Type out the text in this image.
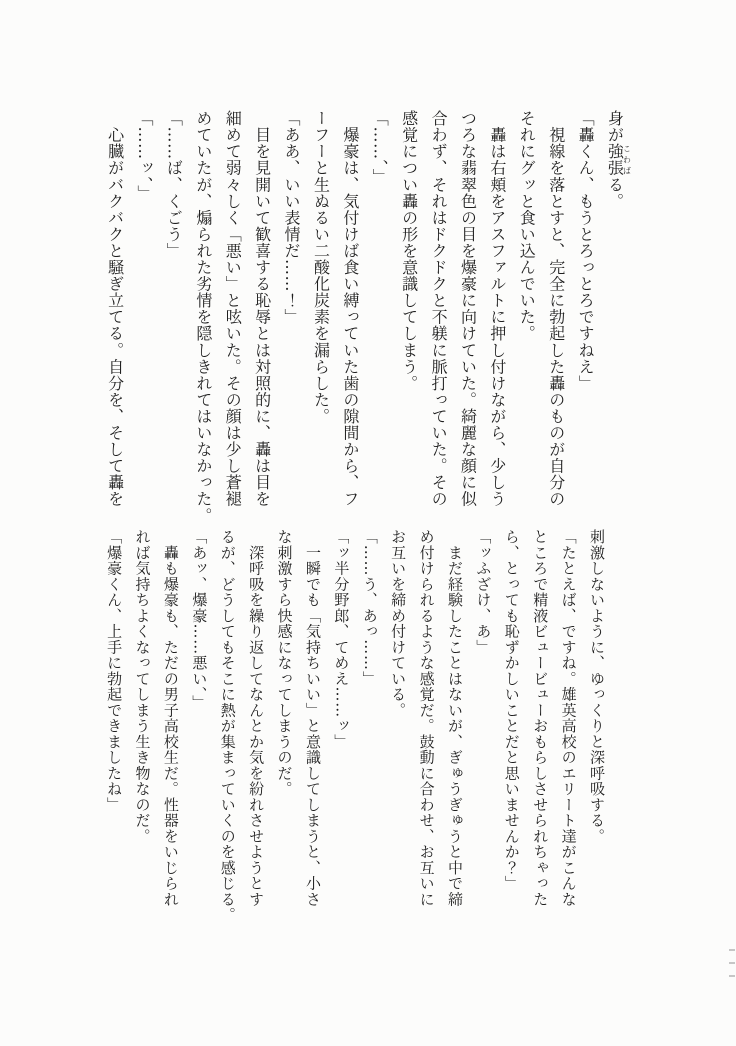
身が強張こわばる。
「轟くん、もうとろっとろですねえ」
　視線を落とすと、完全に勃起した轟のものが自分の
それにグッと食い込んでいた。
　轟は右頬をアスファルトに押し付けながら、少しう
つろな翡翠色の目を爆豪に向けていた。綺麗な顔に似
合わず、それはドクドクと不躾に脈打っていた。その
感覚につい轟の形を意識してしまう。
「……、」
　爆豪は、気付けば食い縛っていた歯の隙間から、フ
ーフーと生ぬるい二酸化炭素を漏らした。
「ああ、いい表情だ……！」
　目を見開いて歓喜する恥辱とは対照的に、轟は目を
細めて弱々しく「悪い」と呟いた。その顔は少し蒼褪
めていたが、煽られた劣情を隠しきれてはいなかった。
「……ば、くごう」
「……ッ、」
　心臓がバクバクと騒ぎ立てる。自分を、そして轟を
刺激しないように、ゆっくりと深呼吸する。
「たとえば、ですね。雄英高校のエリート達がこんな
ところで精液ビュービューおもらしさせられちゃった
ら、とっても恥ずかしいことだと思いませんか？」
「ッふざけ、あ」
　まだ経験したことはないが、ぎゅうぎゅうと中で締
め付けられるような感覚だ。鼓動に合わせ、お互いに
お互いを締め付けている。
「……う、あっ……」
「ッ半分野郎、てめえ……ッ」
　一瞬でも「気持ちいい」と意識してしまうと、小さ
な刺激すら快感になってしまうのだ。
　深呼吸を繰り返してなんとか気を紛れさせようとす
るが、どうしてもそこに熱が集まっていくのを感じる。
「あッ、爆豪……悪い、」
　轟も爆豪も、ただの男子高校生だ。性器をいじられ
れば気持ちよくなってしまう生き物なのだ。
「爆豪くん、上手に勃起できましたね」
